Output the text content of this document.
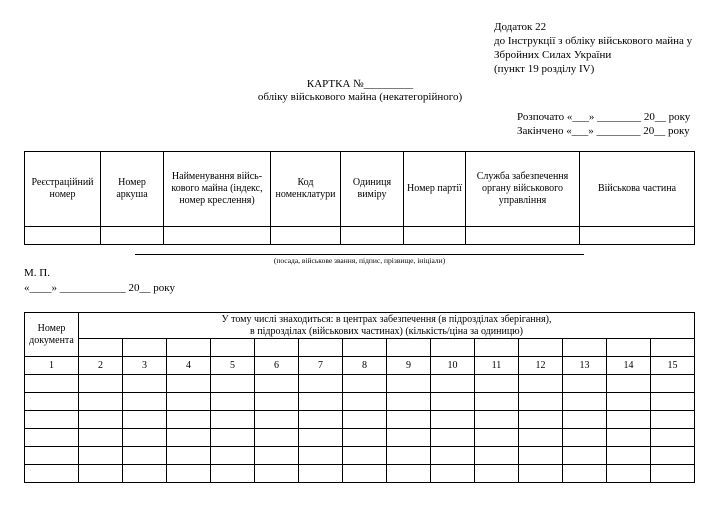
Додаток 22
до Інструкції з обліку військового майна у
Збройних Силах України
(пункт 19 розділу IV)
КАРТКА №_________
обліку військового майна (некатегорійного)
Розпочато «___» ________ 20__ року
Закінчено «___» ________ 20__ року
Реєстраційний номер	Номер аркуша	Найменування військового майна (індекс, номер креслення)	Код номенклатури	Одиниця виміру	Номер партії	Служба забезпечення органу військового управління	Військова частина

(посада, військове звання, підпис, прізвище, ініціали)
М. П.
«____» ____________ 20__ року
Номер документа	У тому числі знаходиться: в центрах забезпечення (в підрозділах зберігання),
в підрозділах (військових частинах) (кількість/ціна за одиницю)													

1	2	3	4	5	6	7	8	9	10	11	12	13	14	15
